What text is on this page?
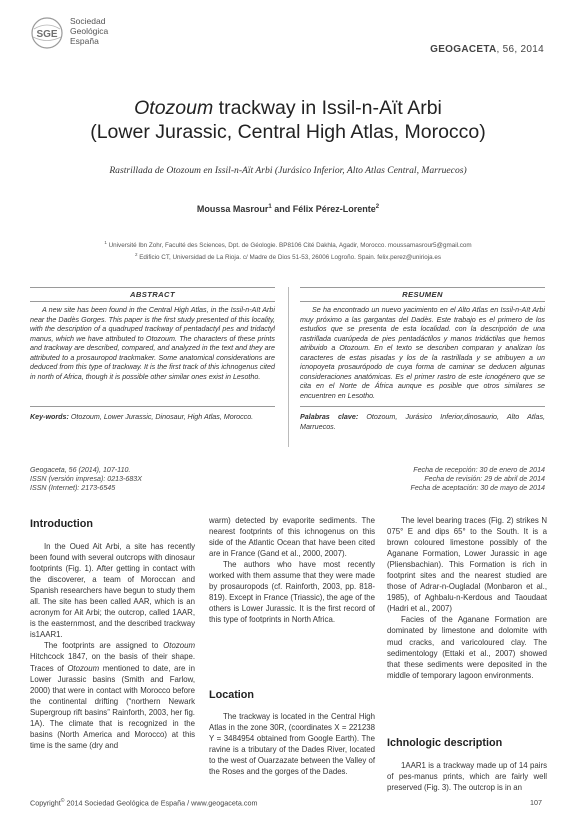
SGE
Sociedad
Geológica
España
GEOGACETA, 56, 2014
Otozoum trackway in Issil-n-Aït Arbi
(Lower Jurassic, Central High Atlas, Morocco)
Rastrillada de Otozoum en Issil-n-Aït Arbi (Jurásico Inferior, Alto Atlas Central, Marruecos)
Moussa Masrour$^1$ and Félix Pérez-Lorente$^2$
$^1$ Université Ibn Zohr, Faculté des Sciences, Dpt. de Géologie. BP8106 Cité Dakhla, Agadir, Morocco. moussamasrour5@gmail.com
$^2$ Edificio CT, Universidad de La Rioja. c/ Madre de Dios 51-53, 26006 Logroño. Spain. felix.perez@unirioja.es
ABSTRACT
A new site has been found in the Central High Atlas, in the Issil-n-Aït Arbi near the Dadès Gorges. This paper is the first study presented of this locality, with the description of a quadruped trackway of pentadactyl pes and tridactyl manus, which we have attributed to Otozoum. The characters of these prints and trackway are described, compared, and analyzed in the text and they are attributed to a prosauropod trackmaker. Some anatomical considerations are deduced from this type of trackway. It is the first track of this ichnogenus cited in north of Africa, though it is possible other similar ones exist in Lesotho.
Key-words: Otozoum, Lower Jurassic, Dinosaur, High Atlas, Morocco.
RESUMEN
Se ha encontrado un nuevo yacimiento en el Alto Atlas en Issil-n-Aït Arbi muy próximo a las gargantas del Dadès. Este trabajo es el primero de los estudios que se presenta de esta localidad. con la descripción de una rastrillada cuarúpeda de pies pentadáctilos y manos tridáctilas que hemos atribuido a Otozoum. En el texto se describen comparan y analizan los caracteres de estas pisadas y los de la rastrillada y se atribuyen a un icnopoyeta prosaurópodo de cuya forma de caminar se deducen algunas consideraciones anatómicas. Es el primer rastro de este icnogénero que se cita en el Norte de África aunque es posible que otros similares se encuentren en Lesotho.
Palabras clave: Otozoum, Jurásico Inferior,dinosaurio, Alto Atlas, Marruecos.
Geogaceta, 56 (2014), 107-110.
ISSN (versión impresa): 0213-683X
ISSN (Internet): 2173-6545
Fecha de recepción: 30 de enero de 2014
Fecha de revisión: 29 de abril de 2014
Fecha de aceptación: 30 de mayo de 2014
Introduction

In the Oued Ait Arbi, a site has recently been found with several outcrops with dinosaur footprints (Fig. 1). After getting in contact with the discoverer, a team of Moroccan and Spanish researchers have begun to study them all. The site has been called AAR, which is an acronym for Ait Arbi; the outcrop, called 1AAR, is the easternmost, and the described trackway is1AAR1.

The footprints are assigned to Otozoum Hitchcock 1847, on the basis of their shape. Traces of Otozoum mentioned to date, are in Lower Jurassic basins (Smith and Farlow, 2000) that were in contact with Morocco before the continental drifting (“northern Newark Supergroup rift basins” Rainforth, 2003, her fig. 1A). The climate that is recognized in the basins (North America and Morocco) at this time is the same (dry and

warm) detected by evaporite sediments. The nearest footprints of this ichnogenus on this side of the Atlantic Ocean that have been cited are in France (Gand et al., 2000, 2007).

The authors who have most recently worked with them assume that they were made by prosauropods (cf. Rainforth, 2003, pp. 818-819). Except in France (Triassic), the age of the others is Lower Jurassic. It is the first record of this type of footprints in North Africa.

Location

The trackway is located in the Central High Atlas in the zone 30R, (coordinates X = 221238 Y = 3484954 obtained from Google Earth). The ravine is a tributary of the Dades River, located to the west of Ouarzazate between the Valley of the Roses and the gorges of the Dades.

The level bearing traces (Fig. 2) strikes N 075° E and dips 65° to the South. It is a brown coloured limestone possibly of the Aganane Formation, Lower Jurassic in age (Pliensbachian). This Formation is rich in footprint sites and the nearest studied are those of Adrar-n-Ougladal (Monbaron et al., 1985), of Aghbalu-n-Kerdous and Taoudaat (Hadri et al., 2007)

Facies of the Aganane Formation are dominated by limestone and dolomite with mud cracks, and varicoloured clay. The sedimentology (Ettaki et al., 2007) showed that these sediments were deposited in the middle of temporary lagoon environments.

Ichnologic description

1AAR1 is a trackway made up of 14 pairs of pes-manus prints, which are fairly well preserved (Fig. 3). The outcrop is in an

Copyright© 2014 Sociedad Geológica de España / www.geogaceta.com	107
